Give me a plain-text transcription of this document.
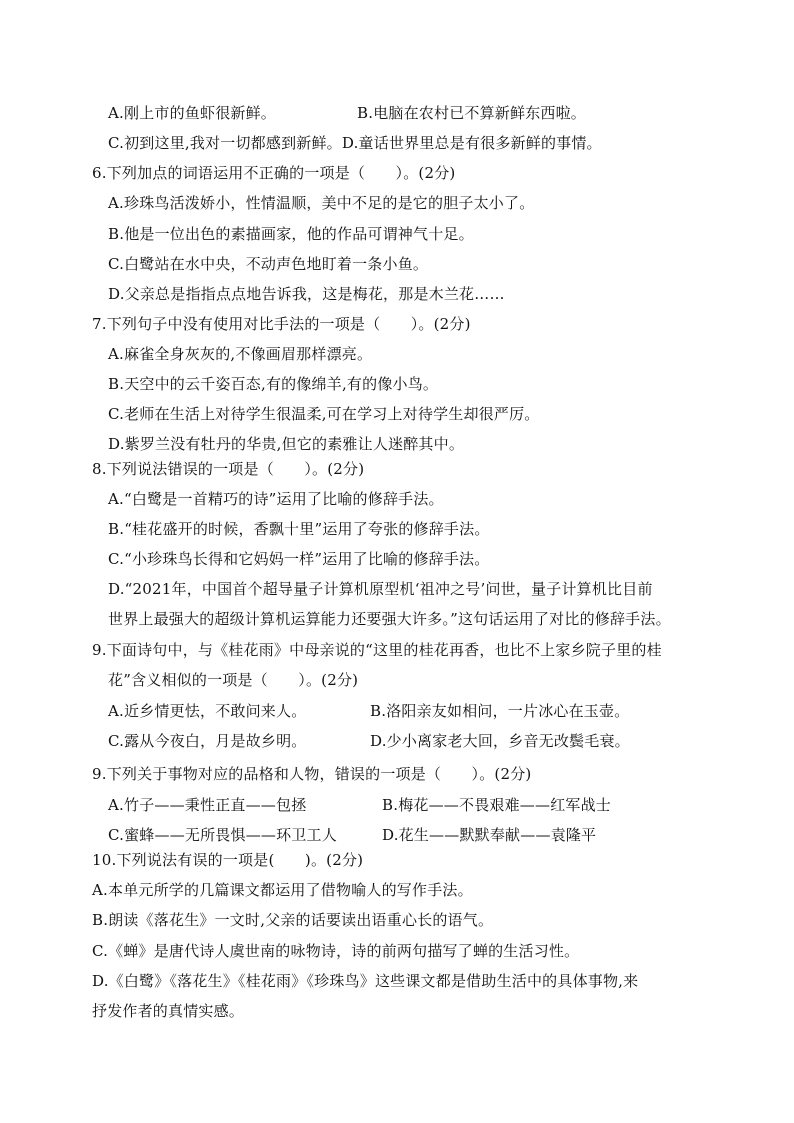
A.刚上市的鱼虾很新鲜。	B.电脑在农村已不算新鲜东西啦。
C.初到这里,我对一切都感到新鲜。D.童话世界里总是有很多新鲜的事情。
6.下列加点的词语运用不正确的一项是（　　）。(2分)
A.珍珠鸟活泼娇小，性情温顺，美中不足的是它的胆子太小了。
B.他是一位出色的素描画家，他的作品可谓神气十足。
C.白鹭站在水中央，不动声色地盯着一条小鱼。
D.父亲总是指指点点地告诉我，这是梅花，那是木兰花……
7.下列句子中没有使用对比手法的一项是（　　）。(2分)
A.麻雀全身灰灰的,不像画眉那样漂亮。
B.天空中的云千姿百态,有的像绵羊,有的像小鸟。
C.老师在生活上对待学生很温柔,可在学习上对待学生却很严厉。
D.紫罗兰没有牡丹的华贵,但它的素雅让人迷醉其中。
8.下列说法错误的一项是（　　）。(2分)
A.“白鹭是一首精巧的诗”运用了比喻的修辞手法。
B.“桂花盛开的时候，香飘十里”运用了夸张的修辞手法。
C.“小珍珠鸟长得和它妈妈一样”运用了比喻的修辞手法。
D.“2021年，中国首个超导量子计算机原型机‘祖冲之号’问世，量子计算机比目前
世界上最强大的超级计算机运算能力还要强大许多。”这句话运用了对比的修辞手法。
9.下面诗句中，与《桂花雨》中母亲说的“这里的桂花再香，也比不上家乡院子里的桂
花”含义相似的一项是（　　）。(2分)
A.近乡情更怯，不敢问来人。	B.洛阳亲友如相问，一片冰心在玉壶。
C.露从今夜白，月是故乡明。	D.少小离家老大回，乡音无改鬓毛衰。
9.下列关于事物对应的品格和人物，错误的一项是（　　）。(2分)
A.竹子——秉性正直——包拯	B.梅花——不畏艰难——红军战士
C.蜜蜂——无所畏惧——环卫工人	D.花生——默默奉献——袁隆平
10.下列说法有误的一项是(　　)。(2分)
A.本单元所学的几篇课文都运用了借物喻人的写作手法。
B.朗读《落花生》一文时,父亲的话要读出语重心长的语气。
C.《蝉》是唐代诗人虞世南的咏物诗，诗的前两句描写了蝉的生活习性。
D.《白鹭》《落花生》《桂花雨》《珍珠鸟》这些课文都是借助生活中的具体事物,来
抒发作者的真情实感。
